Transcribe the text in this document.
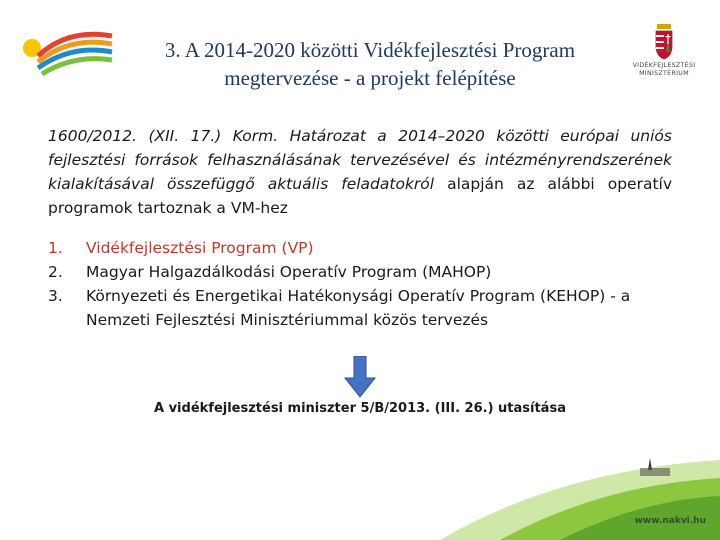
3. A 2014-2020 közötti Vidékfejlesztési Program
megtervezése - a projekt felépítése
VIDÉKFEJLESZTÉSI
MINISZTÉRIUM
1600/2012. (XII. 17.) Korm. Határozat a 2014–2020 közötti európai uniós fejlesztési források felhasználásának tervezésével és intézményrendszerének kialakításával összefüggő aktuális feladatokról alapján az alábbi operatív programok tartoznak a VM-hez
1. Vidékfejlesztési Program (VP)
2. Magyar Halgazdálkodási Operatív Program (MAHOP)
3. Környezeti és Energetikai Hatékonysági Operatív Program (KEHOP) - a Nemzeti Fejlesztési Minisztériummal közös tervezés
A vidékfejlesztési miniszter 5/B/2013. (III. 26.) utasítása
www.nakvi.hu
